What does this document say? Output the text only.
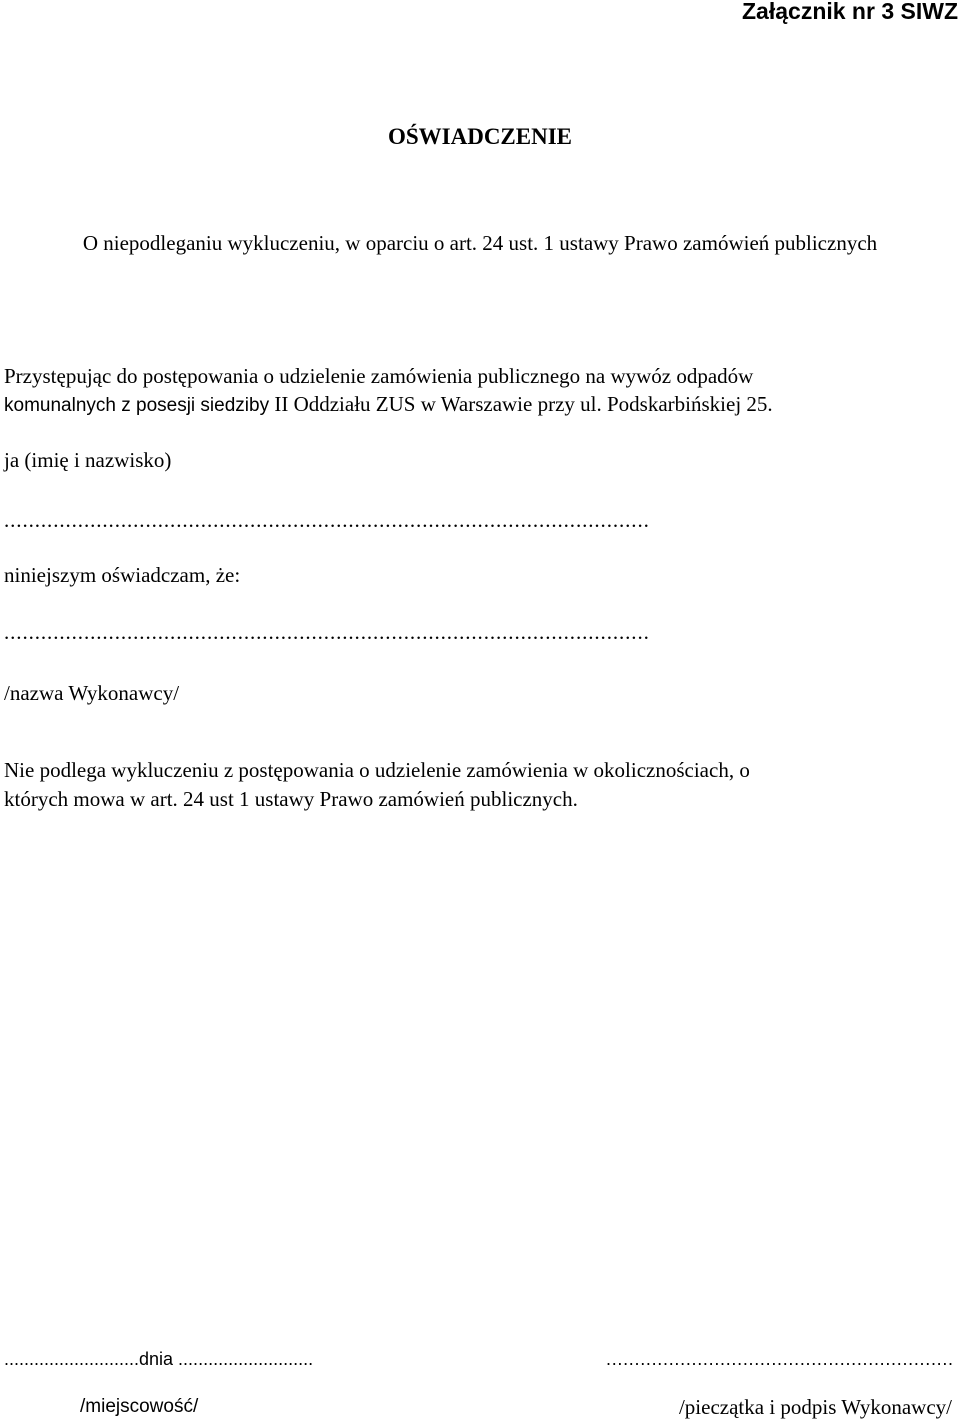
Załącznik nr 3 SIWZ
OŚWIADCZENIE
O niepodleganiu wykluczeniu, w oparciu o art. 24 ust. 1 ustawy Prawo zamówień publicznych
Przystępując do postępowania o udzielenie zamówienia publicznego na wywóz odpadów
komunalnych z posesji siedziby II Oddziału ZUS w Warszawie przy ul. Podskarbińskiej 25.
ja (imię i nazwisko)
.........................................................................................................
niniejszym oświadczam, że:
.........................................................................................................
/nazwa Wykonawcy/
Nie podlega wykluczeniu z postępowania o udzielenie zamówienia w okolicznościach, o
których mowa w art. 24 ust 1 ustawy Prawo zamówień publicznych.
...........................dnia ...........................	.............................................................
/miejscowość/	/pieczątka i podpis Wykonawcy/
